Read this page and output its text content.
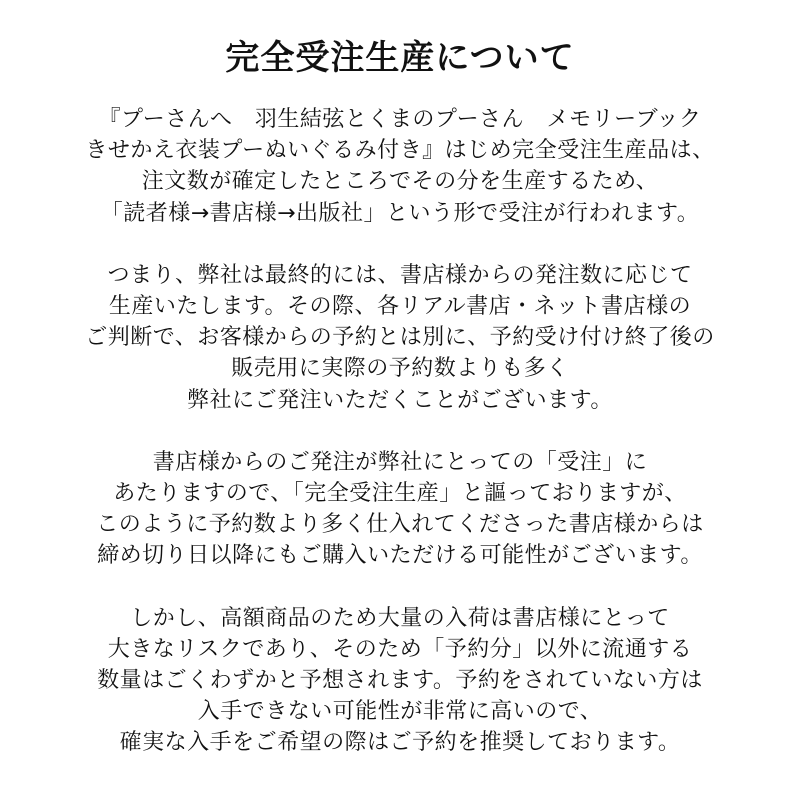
完全受注生産について
『プーさんへ　羽生結弦とくまのプーさん　メモリーブック
きせかえ衣装プーぬいぐるみ付き』はじめ完全受注生産品は、
注文数が確定したところでその分を生産するため、
「読者様→書店様→出版社」という形で受注が行われます。
つまり、弊社は最終的には、書店様からの発注数に応じて
生産いたします。その際、各リアル書店・ネット書店様の
ご判断で、お客様からの予約とは別に、予約受け付け終了後の
販売用に実際の予約数よりも多く
弊社にご発注いただくことがございます。
書店様からのご発注が弊社にとっての「受注」に
あたりますので、「完全受注生産」と謳っておりますが、
このように予約数より多く仕入れてくださった書店様からは
締め切り日以降にもご購入いただける可能性がございます。
しかし、高額商品のため大量の入荷は書店様にとって
大きなリスクであり、そのため「予約分」以外に流通する
数量はごくわずかと予想されます。予約をされていない方は
入手できない可能性が非常に高いので、
確実な入手をご希望の際はご予約を推奨しております。
